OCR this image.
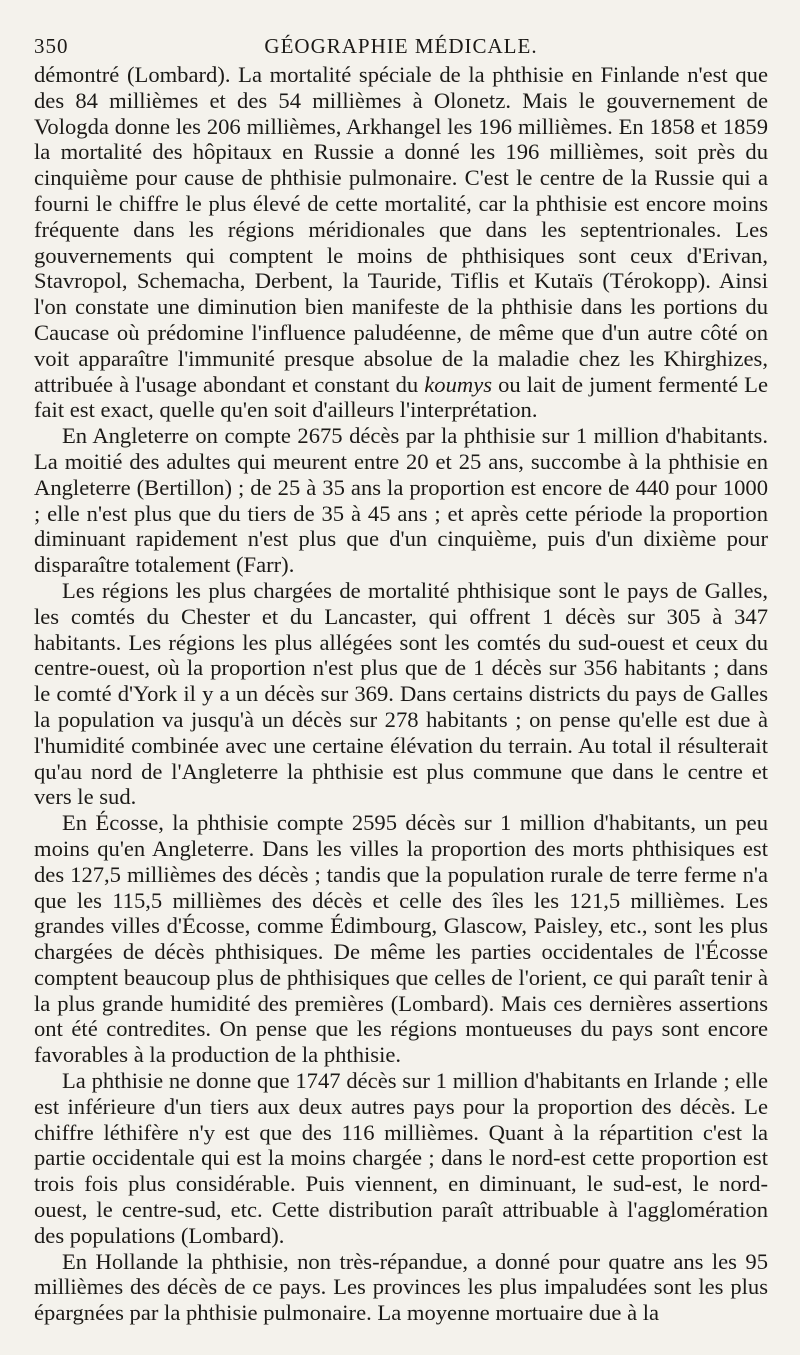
350	GÉOGRAPHIE MÉDICALE.

démontré (Lombard). La mortalité spéciale de la phthisie en Finlande n'est que des 84 millièmes et des 54 millièmes à Olonetz. Mais le gouvernement de Vologda donne les 206 millièmes, Arkhangel les 196 millièmes. En 1858 et 1859 la mortalité des hôpitaux en Russie a donné les 196 millièmes, soit près du cinquième pour cause de phthisie pulmonaire. C'est le centre de la Russie qui a fourni le chiffre le plus élevé de cette mortalité, car la phthisie est encore moins fréquente dans les régions méridionales que dans les septentrionales. Les gouvernements qui comptent le moins de phthisiques sont ceux d'Erivan, Stavropol, Schemacha, Derbent, la Tauride, Tiflis et Kutaïs (Térokopp). Ainsi l'on constate une diminution bien manifeste de la phthisie dans les portions du Caucase où prédomine l'influence paludéenne, de même que d'un autre côté on voit apparaître l'immunité presque absolue de la maladie chez les Khirghizes, attribuée à l'usage abondant et constant du koumys ou lait de jument fermenté Le fait est exact, quelle qu'en soit d'ailleurs l'interprétation.

En Angleterre on compte 2675 décès par la phthisie sur 1 million d'habitants. La moitié des adultes qui meurent entre 20 et 25 ans, succombe à la phthisie en Angleterre (Bertillon) ; de 25 à 35 ans la proportion est encore de 440 pour 1000 ; elle n'est plus que du tiers de 35 à 45 ans ; et après cette période la proportion diminuant rapidement n'est plus que d'un cinquième, puis d'un dixième pour disparaître totalement (Farr).

Les régions les plus chargées de mortalité phthisique sont le pays de Galles, les comtés du Chester et du Lancaster, qui offrent 1 décès sur 305 à 347 habitants. Les régions les plus allégées sont les comtés du sud-ouest et ceux du centre-ouest, où la proportion n'est plus que de 1 décès sur 356 habitants ; dans le comté d'York il y a un décès sur 369. Dans certains districts du pays de Galles la population va jusqu'à un décès sur 278 habitants ; on pense qu'elle est due à l'humidité combinée avec une certaine élévation du terrain. Au total il résulterait qu'au nord de l'Angleterre la phthisie est plus commune que dans le centre et vers le sud.

En Écosse, la phthisie compte 2595 décès sur 1 million d'habitants, un peu moins qu'en Angleterre. Dans les villes la proportion des morts phthisiques est des 127,5 millièmes des décès ; tandis que la population rurale de terre ferme n'a que les 115,5 millièmes des décès et celle des îles les 121,5 millièmes. Les grandes villes d'Écosse, comme Édimbourg, Glascow, Paisley, etc., sont les plus chargées de décès phthisiques. De même les parties occidentales de l'Écosse comptent beaucoup plus de phthisiques que celles de l'orient, ce qui paraît tenir à la plus grande humidité des premières (Lombard). Mais ces dernières assertions ont été contredites. On pense que les régions montueuses du pays sont encore favorables à la production de la phthisie.

La phthisie ne donne que 1747 décès sur 1 million d'habitants en Irlande ; elle est inférieure d'un tiers aux deux autres pays pour la proportion des décès. Le chiffre léthifère n'y est que des 116 millièmes. Quant à la répartition c'est la partie occidentale qui est la moins chargée ; dans le nord-est cette proportion est trois fois plus considérable. Puis viennent, en diminuant, le sud-est, le nord-ouest, le centre-sud, etc. Cette distribution paraît attribuable à l'agglomération des populations (Lombard).

En Hollande la phthisie, non très-répandue, a donné pour quatre ans les 95 millièmes des décès de ce pays. Les provinces les plus impaludées sont les plus épargnées par la phthisie pulmonaire. La moyenne mortuaire due à la
